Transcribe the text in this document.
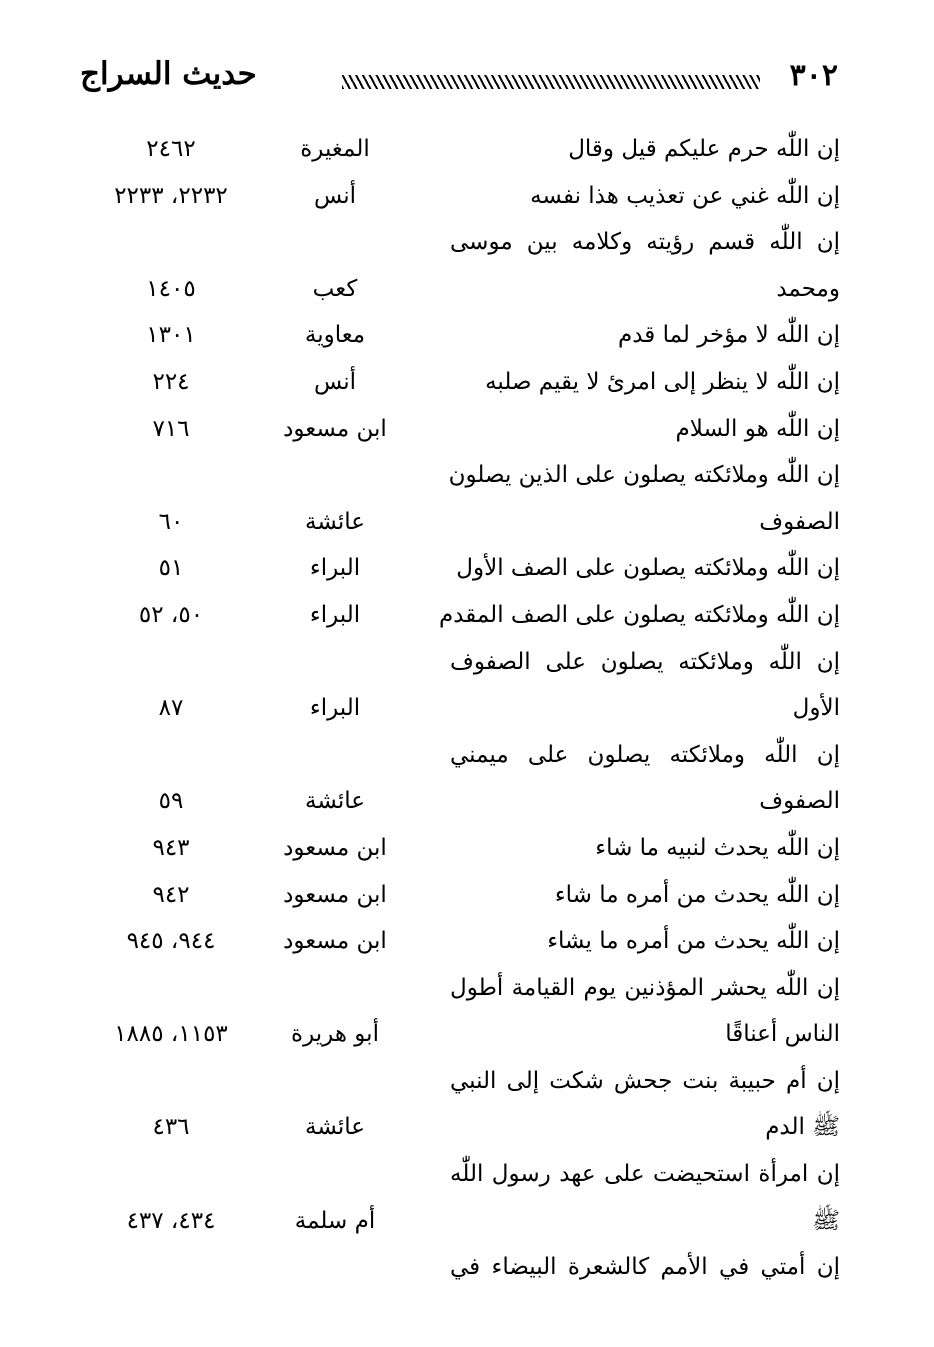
٣٠٢
حديث السراج
إن اللّٰه حرم عليكم قيل وقال
المغيرة
٢٤٦٢
إن اللّٰه غني عن تعذيب هذا نفسه
أنس
٢٢٣٢، ٢٢٣٣
إن اللّٰه قسم رؤيته وكلامه بين موسى
ومحمد
كعب
١٤٠٥
إن اللّٰه لا مؤخر لما قدم
معاوية
١٣٠١
إن اللّٰه لا ينظر إلى امرئ لا يقيم صلبه
أنس
٢٢٤
إن اللّٰه هو السلام
ابن مسعود
٧١٦
إن اللّٰه وملائكته يصلون على الذين يصلون
الصفوف
عائشة
٦٠
إن اللّٰه وملائكته يصلون على الصف الأول
البراء
٥١
إن اللّٰه وملائكته يصلون على الصف المقدم
البراء
٥٠، ٥٢
إن اللّٰه وملائكته يصلون على الصفوف
الأول
البراء
٨٧
إن اللّٰه وملائكته يصلون على ميمني
الصفوف
عائشة
٥٩
إن اللّٰه يحدث لنبيه ما شاء
ابن مسعود
٩٤٣
إن اللّٰه يحدث من أمره ما شاء
ابن مسعود
٩٤٢
إن اللّٰه يحدث من أمره ما يشاء
ابن مسعود
٩٤٤، ٩٤٥
إن اللّٰه يحشر المؤذنين يوم القيامة أطول
الناس أعناقًا
أبو هريرة
١١٥٣، ١٨٨٥
إن أم حبيبة بنت جحش شكت إلى النبي
ﷺ الدم
عائشة
٤٣٦
إن امرأة استحيضت على عهد رسول اللّٰه
ﷺ
أم سلمة
٤٣٤، ٤٣٧
إن أمتي في الأمم كالشعرة البيضاء في
